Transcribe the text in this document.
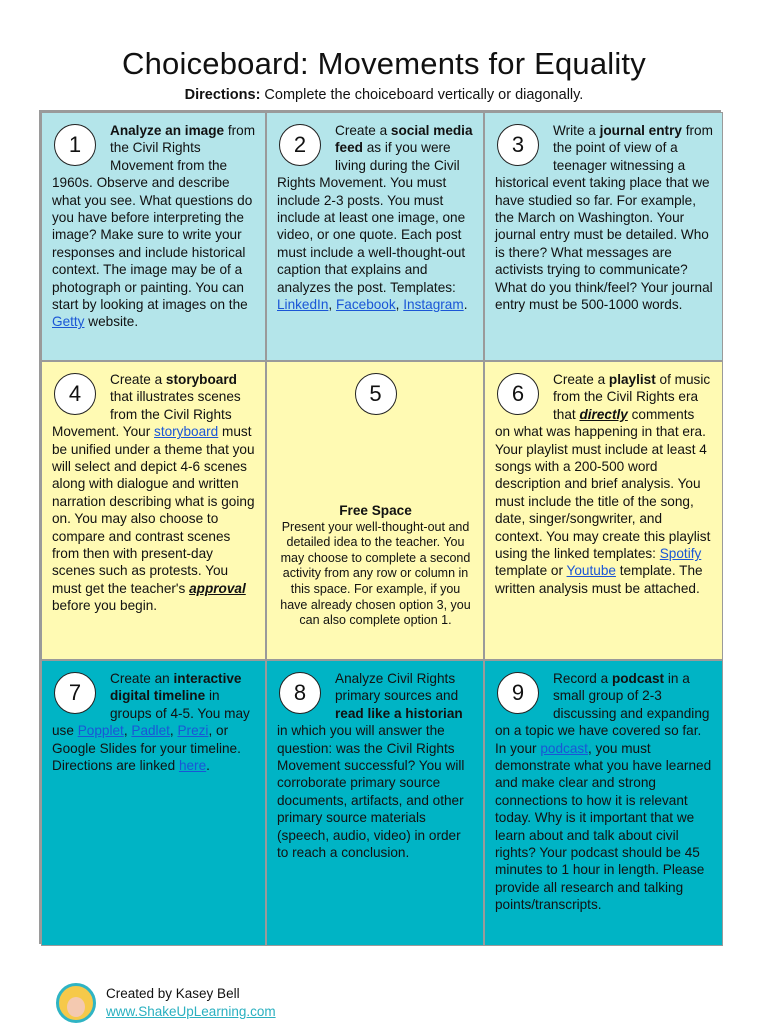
Choiceboard: Movements for Equality
Directions: Complete the choiceboard vertically or diagonally.
1
Analyze an image from the Civil Rights Movement from the 1960s. Observe and describe what you see. What questions do you have before interpreting the image? Make sure to write your responses and include historical context. The image may be of a photograph or painting. You can start by looking at images on the Getty website.
2
Create a social media feed as if you were living during the Civil Rights Movement. You must include 2-3 posts. You must include at least one image, one video, or one quote. Each post must include a well-thought-out caption that explains and analyzes the post. Templates: LinkedIn, Facebook, Instagram.
3
Write a journal entry from the point of view of a teenager witnessing a historical event taking place that we have studied so far. For example, the March on Washington. Your journal entry must be detailed. Who is there? What messages are activists trying to communicate? What do you think/feel? Your journal entry must be 500-1000 words.
4
Create a storyboard that illustrates scenes from the Civil Rights Movement. Your storyboard must be unified under a theme that you will select and depict 4-6 scenes along with dialogue and written narration describing what is going on. You may also choose to compare and contrast scenes from then with present-day scenes such as protests. You must get the teacher's approval before you begin.
5
Free Space
Present your well-thought-out and detailed idea to the teacher. You may choose to complete a second activity from any row or column in this space. For example, if you have already chosen option 3, you can also complete option 1.
6
Create a playlist of music from the Civil Rights era that directly comments on what was happening in that era. Your playlist must include at least 4 songs with a 200-500 word description and brief analysis. You must include the title of the song, date, singer/songwriter, and context. You may create this playlist using the linked templates: Spotify template or Youtube template. The written analysis must be attached.
7
Create an interactive digital timeline in groups of 4-5. You may use Popplet, Padlet, Prezi, or Google Slides for your timeline. Directions are linked here.
8
Analyze Civil Rights primary sources and read like a historian in which you will answer the question: was the Civil Rights Movement successful? You will corroborate primary source documents, artifacts, and other primary source materials (speech, audio, video) in order to reach a conclusion.
9
Record a podcast in a small group of 2-3 discussing and expanding on a topic we have covered so far. In your podcast, you must demonstrate what you have learned and make clear and strong connections to how it is relevant today. Why is it important that we learn about and talk about civil rights? Your podcast should be 45 minutes to 1 hour in length. Please provide all research and talking points/transcripts.
Created by Kasey Bell
www.ShakeUpLearning.com
